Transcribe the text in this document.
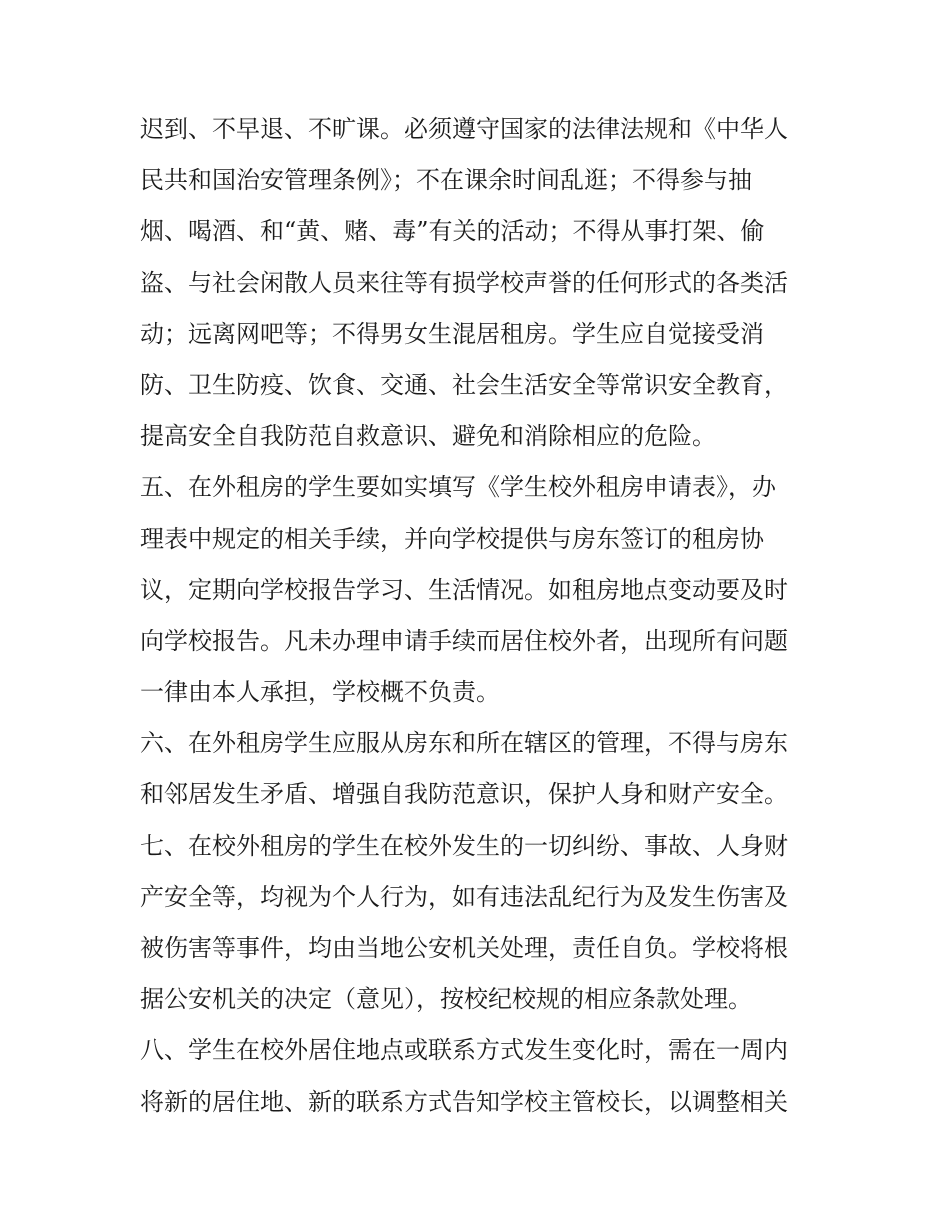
迟到、不早退、不旷课。必须遵守国家的法律法规和《中华人
民共和国治安管理条例》；不在课余时间乱逛；不得参与抽
烟、喝酒、和“黄、赌、毒”有关的活动；不得从事打架、偷
盗、与社会闲散人员来往等有损学校声誉的任何形式的各类活
动；远离网吧等；不得男女生混居租房。学生应自觉接受消
防、卫生防疫、饮食、交通、社会生活安全等常识安全教育，
提高安全自我防范自救意识、避免和消除相应的危险。
五、在外租房的学生要如实填写《学生校外租房申请表》，办
理表中规定的相关手续，并向学校提供与房东签订的租房协
议，定期向学校报告学习、生活情况。如租房地点变动要及时
向学校报告。凡未办理申请手续而居住校外者，出现所有问题
一律由本人承担，学校概不负责。
六、在外租房学生应服从房东和所在辖区的管理，不得与房东
和邻居发生矛盾、增强自我防范意识，保护人身和财产安全。
七、在校外租房的学生在校外发生的一切纠纷、事故、人身财
产安全等，均视为个人行为，如有违法乱纪行为及发生伤害及
被伤害等事件，均由当地公安机关处理，责任自负。学校将根
据公安机关的决定（意见），按校纪校规的相应条款处理。
八、学生在校外居住地点或联系方式发生变化时，需在一周内
将新的居住地、新的联系方式告知学校主管校长，以调整相关
